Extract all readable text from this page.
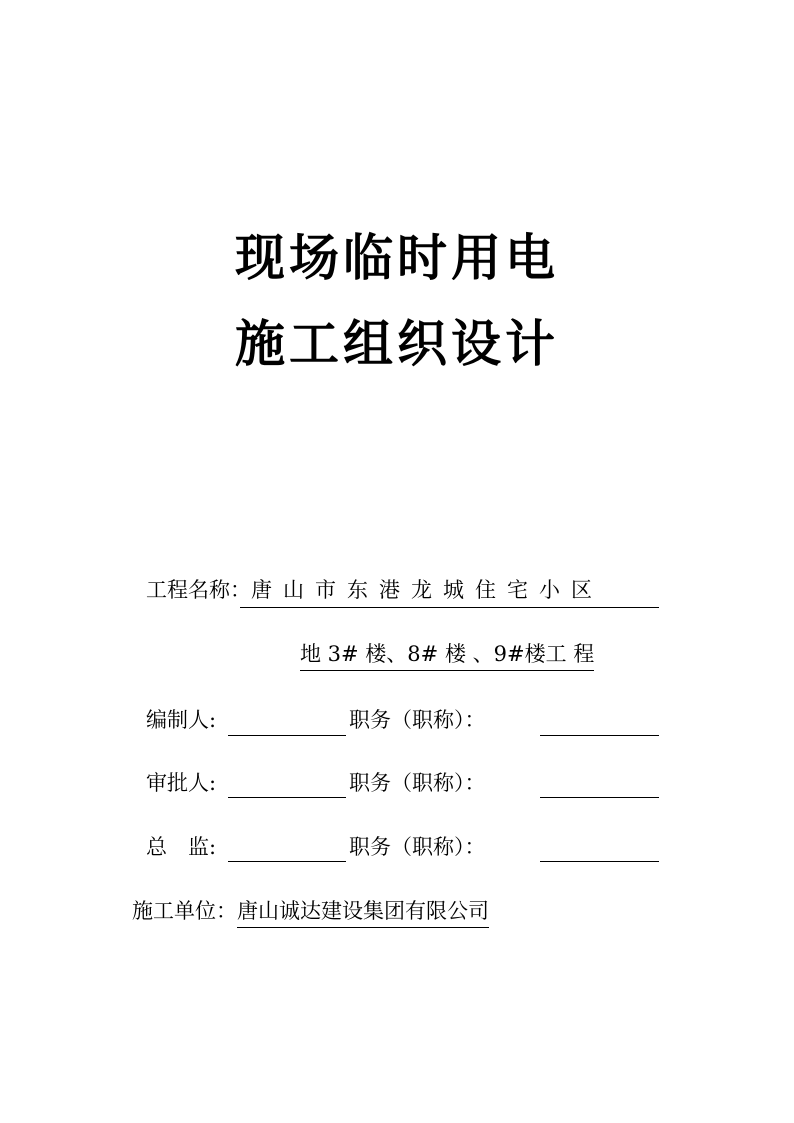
现场临时用电
施工组织设计
工程名称：唐山市东港龙城住宅小区
地 3# 楼、8# 楼 、9#楼工 程
编制人:	职务（职称）：
审批人:	职务（职称）：
总　监:	职务（职称）：
施工单位：唐山诚达建设集团有限公司
